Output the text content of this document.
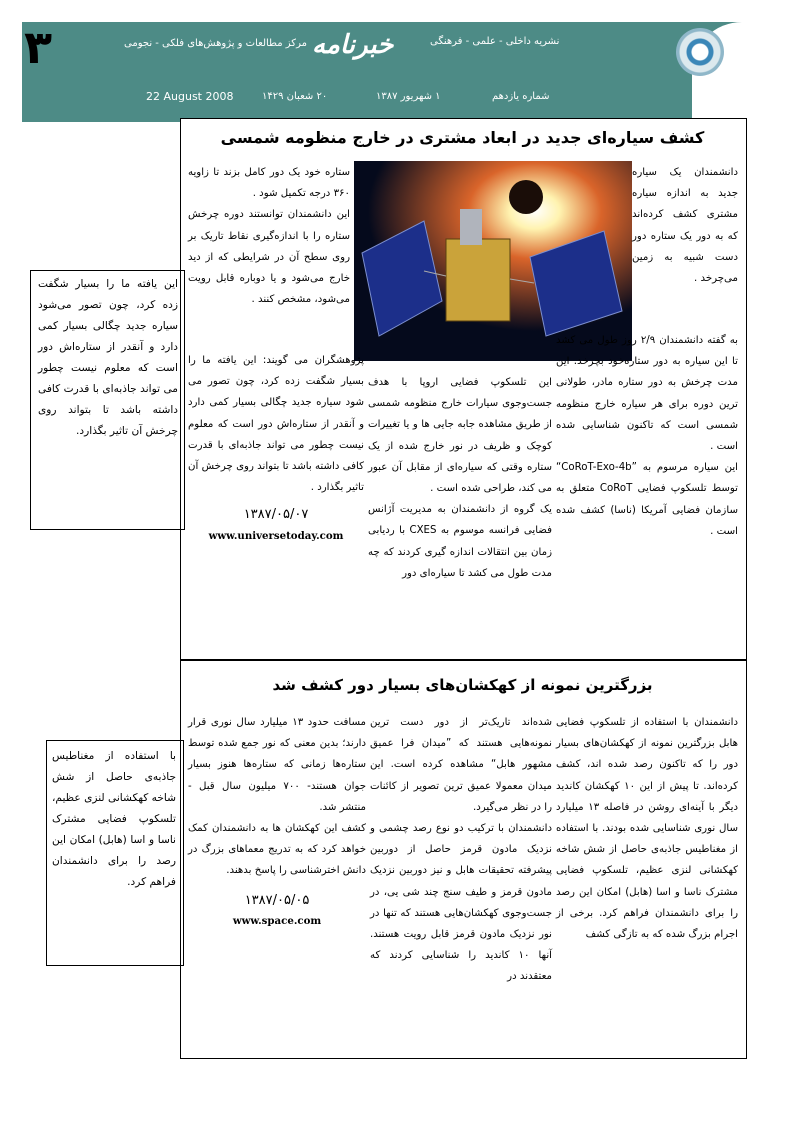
۳	خبرنامه	نشریه داخلی - علمی - فرهنگی
مرکز مطالعات و پژوهش‌های فلکی - نجومی
شماره یازدهم
۱ شهریور ۱۳۸۷
۲۰ شعبان ۱۴۲۹
22 August 2008
کشف سیاره‌ای جدید در ابعاد مشتری در خارج منظومه شمسی

دانشمندان یک سیاره جدید به اندازه سیاره مشتری کشف کرده‌اند که به دور یک ستاره دور دست شبیه به زمین می‌چرخد .

به گفته دانشمندان ۲/۹ روز طول می کشد تا این سیاره به دور ستاره‌خود بچرخد. این مدت چرخش به دور ستاره مادر، طولانی ترین دوره برای هر سیاره خارج منظومه شمسی است که تاکنون شناسایی شده است .

این سیاره مرسوم به ”CoRoT-Exo-4b“ توسط تلسکوپ فضایی CoRoT متعلق به سازمان فضایی آمریکا (ناسا) کشف شده است .

این تلسکوپ فضایی اروپا با هدف جست‌وجوی سیارات خارج منظومه شمسی از طریق مشاهده جابه جایی ها و یا تغییرات کوچک و ظریف در نور خارج شده از یک ستاره وقتی که سیاره‌ای از مقابل آن عبور می کند، طراحی شده است .

یک گروه از دانشمندان به مدیریت آژانس فضایی فرانسه موسوم به CXES با ردیابی زمان بین انتقالات اندازه گیری کردند که چه مدت طول می کشد تا سیاره‌ای دور

ستاره خود یک دور کامل بزند تا زاویه ۳۶۰ درجه تکمیل شود .

این دانشمندان توانستند دوره چرخش ستاره را با اندازه‌گیری نقاط تاریک بر روی سطح آن در شرایطی که از دید خارج می‌شود و یا دوباره قابل رویت می‌شود، مشخص کنند .

پژوهشگران می گویند: این یافته ما را بسیار شگفت زده کرد، چون تصور می شود سیاره جدید چگالی بسیار کمی دارد و آنقدر از ستاره‌اش دور است که معلوم نیست چطور می تواند جاذبه‌ای با قدرت کافی داشته باشد تا بتواند روی چرخش آن تاثیر بگذارد .

۱۳۸۷/۰۵/۰۷

www.universetoday.com

این یافته ما را بسیار شگفت زده کرد، چون تصور می‌شود سیاره جدید چگالی بسیار کمی دارد و آنقدر از ستاره‌اش دور است که معلوم نیست چطور می تواند جاذبه‌ای با قدرت کافی داشته باشد تا بتواند روی چرخش آن تاثیر بگذارد.
بزرگترین نمونه از کهکشان‌های بسیار دور کشف شد

دانشمندان با استفاده از تلسکوپ فضایی هابل بزرگترین نمونه از کهکشان‌های بسیار دور را که تاکنون رصد شده اند، کشف کرده‌اند. تا پیش از این ۱۰ کهکشان کاندید دیگر با آینه‌ای روشن در فاصله ۱۳ میلیارد سال نوری شناسایی شده بودند. با استفاده از مغناطیس جاذبه‌ی حاصل از شش شاخه کهکشانی لنزی عظیم، تلسکوپ فضایی مشترک ناسا و اسا (هابل) امکان این رصد را برای دانشمندان فراهم کرد. برخی از اجرام بزرگ شده که به تازگی کشف

شده‌اند تاریک‌تر از دور دست ترین نمونه‌هایی هستند که ”میدان فرا عمیق مشهور هابل“ مشاهده کرده است. این میدان معمولا عمیق ترین تصویر از کائنات را در نظر می‌گیرد.

دانشمندان با ترکیب دو نوع رصد چشمی و نزدیک مادون قرمز حاصل از دوربین پیشرفته تحقیقات هابل و نیز دوربین نزدیک مادون قرمز و طیف سنج چند شی یی، در جست‌وجوی کهکشان‌هایی هستند که تنها در نور نزدیک مادون قرمز قابل رویت هستند. آنها ۱۰ کاندید را شناسایی کردند که معتقدند در

مسافت حدود ۱۳ میلیارد سال نوری قرار دارند؛ بدین معنی که نور جمع شده توسط ستاره‌ها زمانی که ستاره‌ها هنوز بسیار جوان هستند- ۷۰۰ میلیون سال قبل - منتشر شد.

کشف این کهکشان ها به دانشمندان کمک خواهد کرد که به تدریج معماهای بزرگ در دانش اخترشناسی را پاسخ بدهند.

۱۳۸۷/۰۵/۰۵

www.space.com

با استفاده از مغناطیس جاذبه‌ی حاصل از شش شاخه کهکشانی لنزی عظیم، تلسکوپ فضایی مشترک ناسا و اسا (هابل) امکان این رصد را برای دانشمندان فراهم کرد.
